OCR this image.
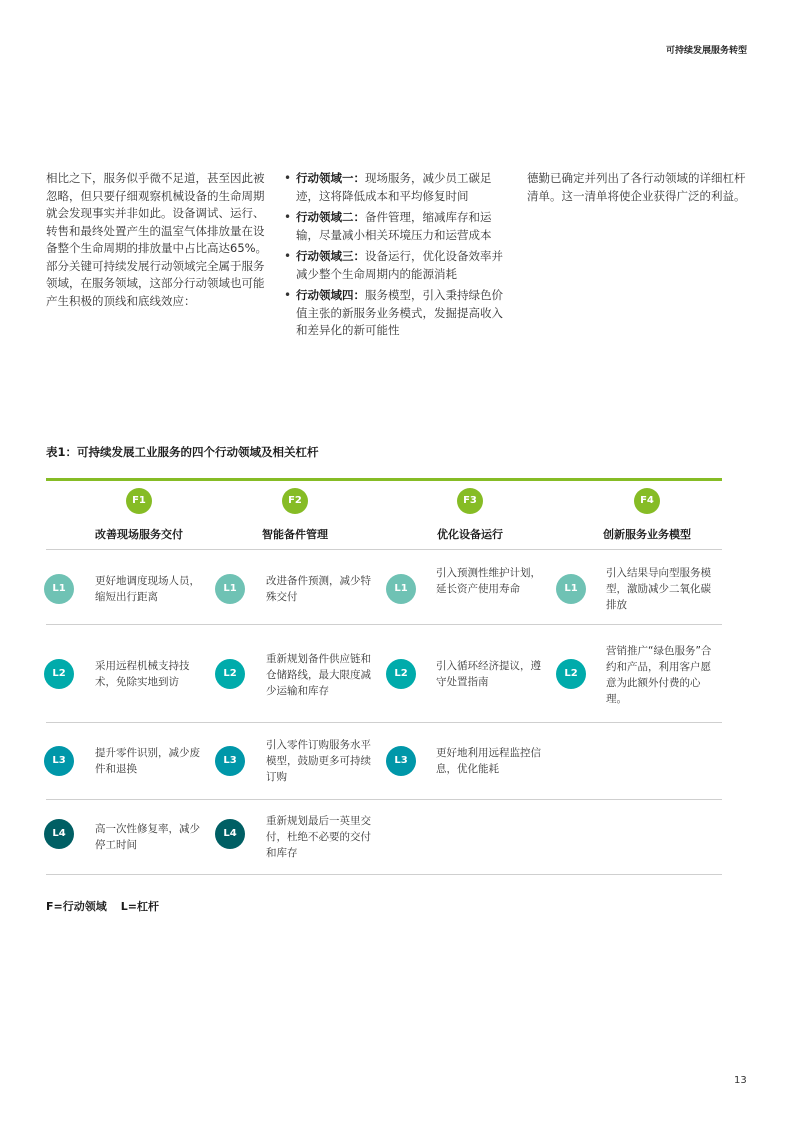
可持续发展服务转型
相比之下，服务似乎微不足道，甚至因此被忽略，但只要仔细观察机械设备的生命周期就会发现事实并非如此。设备调试、运行、转售和最终处置产生的温室气体排放量在设备整个生命周期的排放量中占比高达65%。部分关键可持续发展行动领域完全属于服务领域，在服务领域，这部分行动领域也可能产生积极的顶线和底线效应：
• 行动领域一：现场服务，减少员工碳足迹，这将降低成本和平均修复时间
• 行动领域二：备件管理，缩减库存和运输，尽量减小相关环境压力和运营成本
• 行动领域三：设备运行，优化设备效率并减少整个生命周期内的能源消耗
• 行动领域四：服务模型，引入秉持绿色价值主张的新服务业务模式，发掘提高收入和差异化的新可能性
德勤已确定并列出了各行动领域的详细杠杆清单。这一清单将使企业获得广泛的利益。
表1：可持续发展工业服务的四个行动领域及相关杠杆
F1
改善现场服务交付
F2
智能备件管理
F3
优化设备运行
F4
创新服务业务模型
L1
更好地调度现场人员，缩短出行距离
L1
改进备件预测，减少特殊交付
L1
引入预测性维护计划，延长资产使用寿命	L1
引入结果导向型服务模型，激励减少二氧化碳排放
L2
采用远程机械支持技术，免除实地到访
L2
重新规划备件供应链和仓储路线，最大限度减少运输和库存
L2
引入循环经济提议，遵守处置指南
L2
营销推广“绿色服务”合约和产品，利用客户愿意为此额外付费的心理。
L3
提升零件识别，减少废件和退换
L3
引入零件订购服务水平模型，鼓励更多可持续订购
L3
更好地利用远程监控信息，优化能耗
L4	高一次性修复率，减少停工时间
L4
重新规划最后一英里交付，杜绝不必要的交付和库存
F=行动领域 L=杠杆
13
